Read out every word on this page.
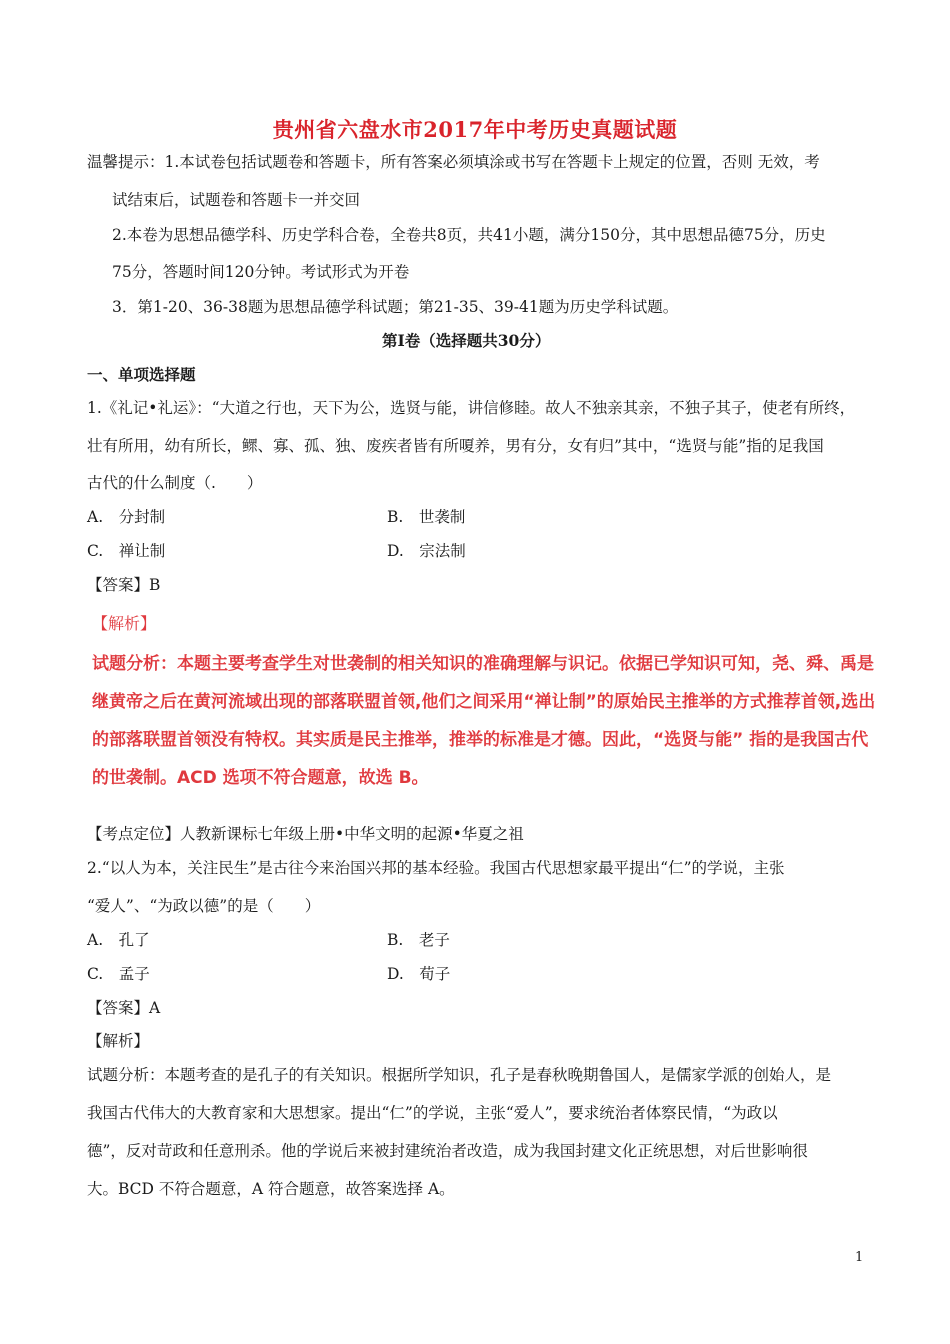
贵州省六盘水市2017年中考历史真题试题
温馨提示：1.本试卷包括试题卷和答题卡，所有答案必须填涂或书写在答题卡上规定的位置，否则 无效，考
试结束后，试题卷和答题卡一并交回
2.本卷为思想品德学科、历史学科合卷，全卷共8页，共41小题，满分150分，其中思想品德75分，历史
75分，答题时间120分钟。考试形式为开卷
3．第1-20、36-38题为思想品德学科试题；第21-35、39-41题为历史学科试题。
第Ⅰ卷（选择题共30分）
一、单项选择题
1.《礼记•礼运》：“大道之行也，天下为公，选贤与能，讲信修睦。故人不独亲其亲，不独子其子，使老有所终，
壮有所用，幼有所长，鳏、寡、孤、独、废疾者皆有所嗄养，男有分，女有归”其中，“选贤与能”指的足我国
古代的什么制度（.　　）
A.　分封制	B.　世袭制
C.　禅让制	D.　宗法制
【答案】B
【解析】
试题分析：本题主要考查学生对世袭制的相关知识的准确理解与识记。依据已学知识可知，尧、舜、禹是
继黄帝之后在黄河流域出现的部落联盟首领,他们之间采用“禅让制”的原始民主推举的方式推荐首领,选出
的部落联盟首领没有特权。其实质是民主推举，推举的标准是才德。因此，“选贤与能” 指的是我国古代
的世袭制。ACD 选项不符合题意，故选 B。
【考点定位】人教新课标七年级上册•中华文明的起源•华夏之祖
2.“以人为本，关注民生”是古往今来治国兴邦的基本经验。我国古代思想家最平提出“仁”的学说，主张
“爱人”、“为政以德”的是（　　）
A.　孔了	B.　老子
C.　孟子	D.　荀子
【答案】A
【解析】
试题分析：本题考查的是孔子的有关知识。根据所学知识，孔子是春秋晚期鲁国人，是儒家学派的创始人，是
我国古代伟大的大教育家和大思想家。提出“仁”的学说，主张“爱人”，要求统治者体察民情，“为政以
德”，反对苛政和任意刑杀。他的学说后来被封建统治者改造，成为我国封建文化正统思想，对后世影响很
大。BCD 不符合题意，A 符合题意，故答案选择 A。
1
